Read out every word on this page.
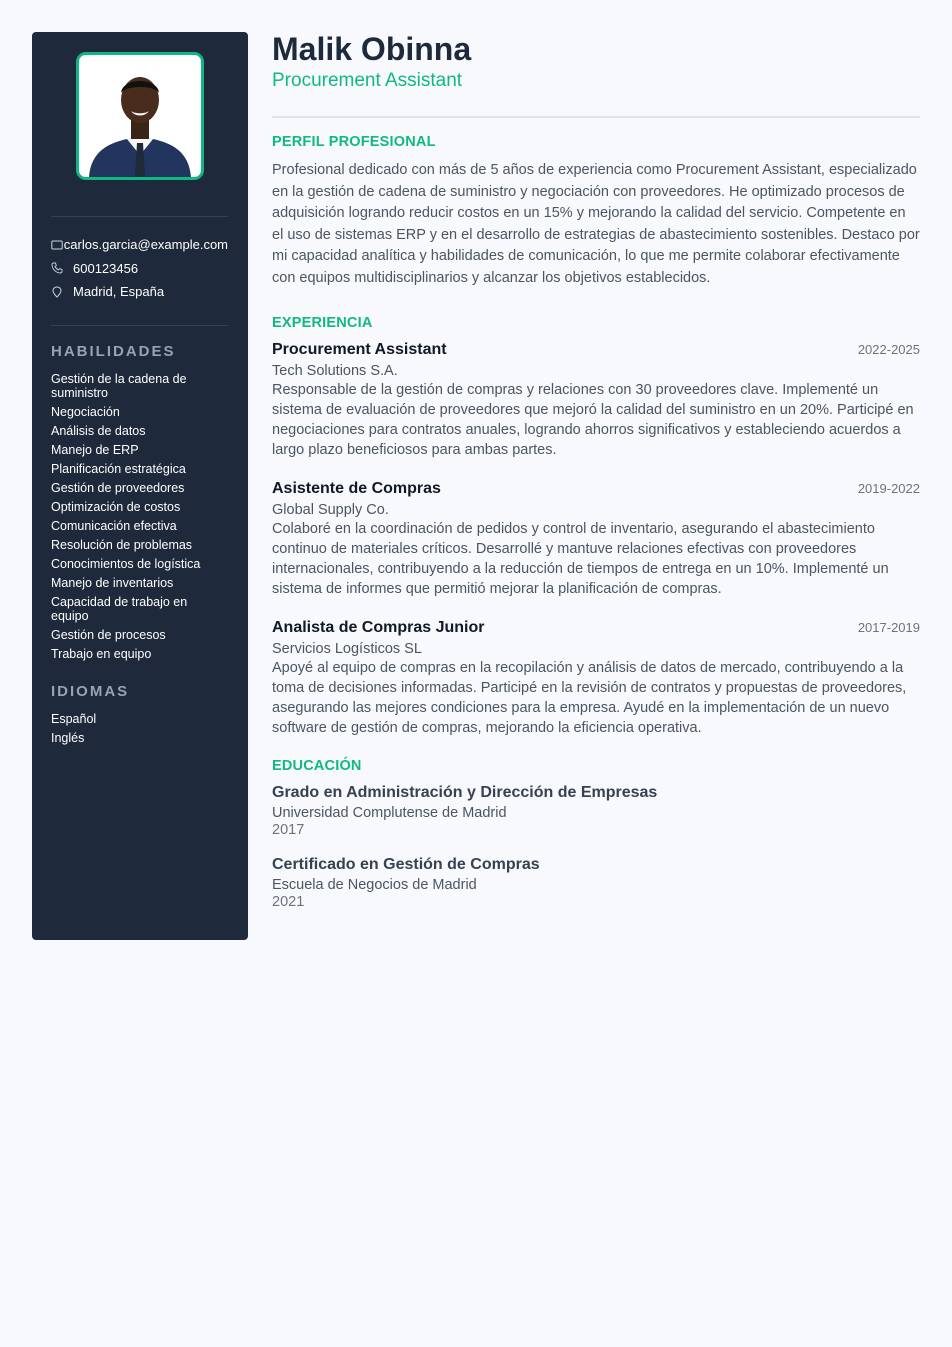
carlos.garcia@example.com
600123456
Madrid, España
HABILIDADES
Gestión de la cadena de suministro
Negociación
Análisis de datos
Manejo de ERP
Planificación estratégica
Gestión de proveedores
Optimización de costos
Comunicación efectiva
Resolución de problemas
Conocimientos de logística
Manejo de inventarios
Capacidad de trabajo en equipo
Gestión de procesos
Trabajo en equipo
IDIOMAS
Español
Inglés
Malik Obinna
Procurement Assistant
PERFIL PROFESIONAL

Profesional dedicado con más de 5 años de experiencia como Procurement Assistant, especializado en la gestión de cadena de suministro y negociación con proveedores. He optimizado procesos de adquisición logrando reducir costos en un 15% y mejorando la calidad del servicio. Competente en el uso de sistemas ERP y en el desarrollo de estrategias de abastecimiento sostenibles. Destaco por mi capacidad analítica y habilidades de comunicación, lo que me permite colaborar efectivamente con equipos multidisciplinarios y alcanzar los objetivos establecidos.

EXPERIENCIA
Procurement Assistant	2022-2025
Tech Solutions S.A.
Responsable de la gestión de compras y relaciones con 30 proveedores clave. Implementé un sistema de evaluación de proveedores que mejoró la calidad del suministro en un 20%. Participé en negociaciones para contratos anuales, logrando ahorros significativos y estableciendo acuerdos a largo plazo beneficiosos para ambas partes.
Asistente de Compras	2019-2022
Global Supply Co.
Colaboré en la coordinación de pedidos y control de inventario, asegurando el abastecimiento continuo de materiales críticos. Desarrollé y mantuve relaciones efectivas con proveedores internacionales, contribuyendo a la reducción de tiempos de entrega en un 10%. Implementé un sistema de informes que permitió mejorar la planificación de compras.
Analista de Compras Junior	2017-2019
Servicios Logísticos SL
Apoyé al equipo de compras en la recopilación y análisis de datos de mercado, contribuyendo a la toma de decisiones informadas. Participé en la revisión de contratos y propuestas de proveedores, asegurando las mejores condiciones para la empresa. Ayudé en la implementación de un nuevo software de gestión de compras, mejorando la eficiencia operativa.
EDUCACIÓN
Grado en Administración y Dirección de Empresas
Universidad Complutense de Madrid
2017
Certificado en Gestión de Compras
Escuela de Negocios de Madrid
2021
